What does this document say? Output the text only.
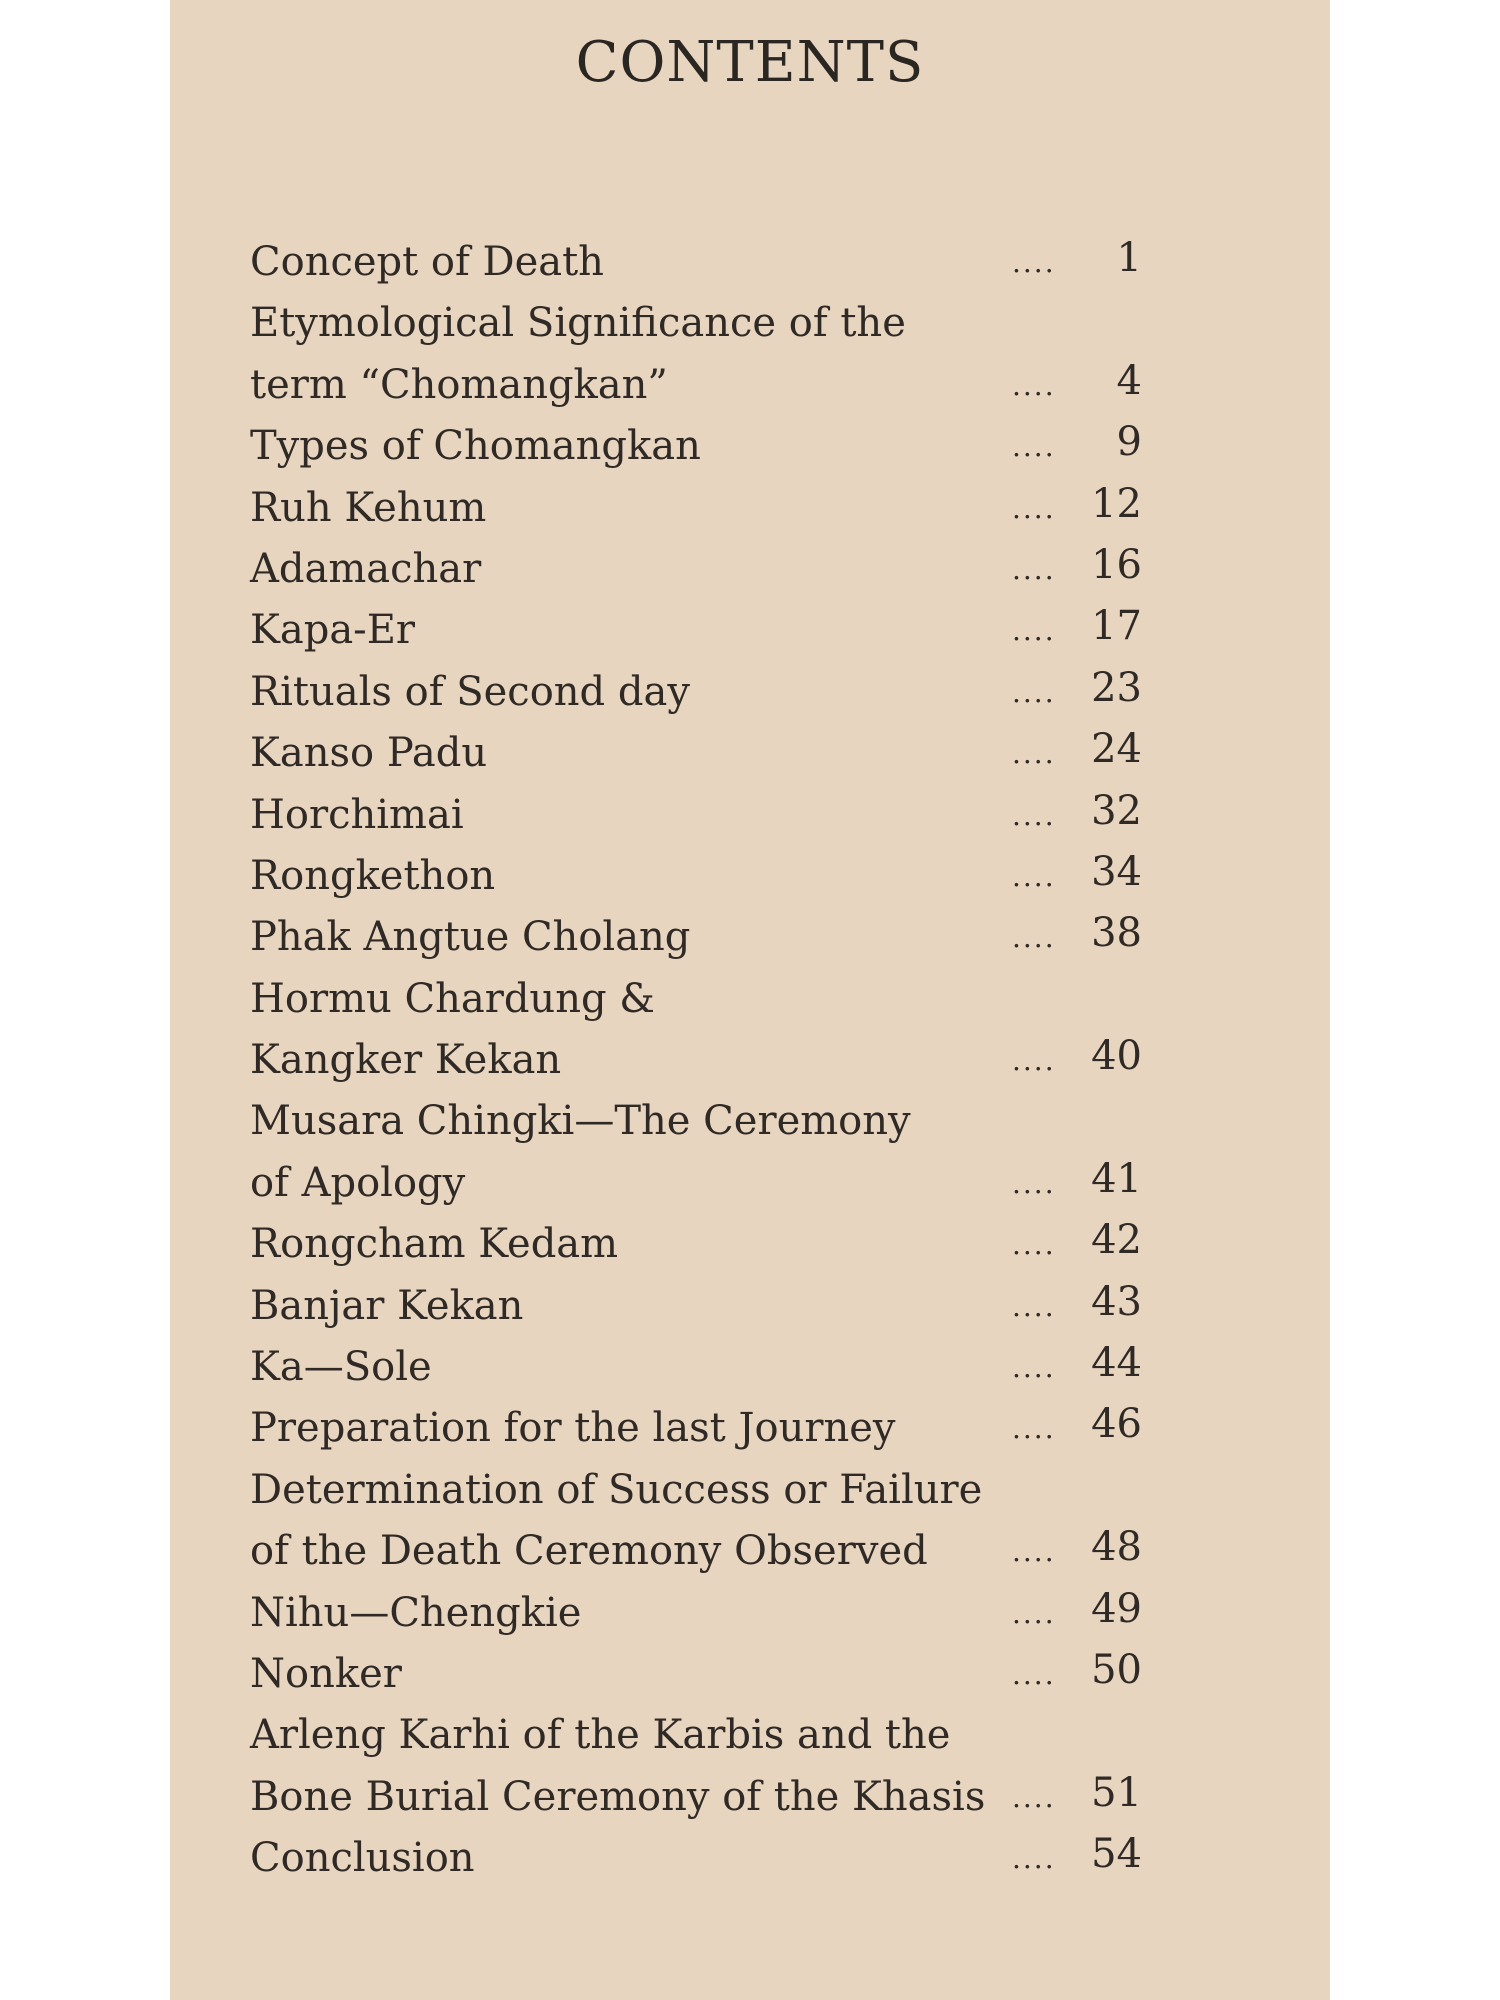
CONTENTS
Concept of Death	....	1
Etymological Significance of the
term “Chomangkan”	....	4
Types of Chomangkan	....	9
Ruh Kehum	.... 12
Adamachar	.... 16
Kapa-Er	.... 17
Rituals of Second day	.... 23
Kanso Padu	.... 24
Horchimai	.... 32
Rongkethon	.... 34
Phak Angtue Cholang	.... 38
Hormu Chardung &
Kangker Kekan	.... 40
Musara Chingki—The Ceremony
of Apology	.... 41
Rongcham Kedam	.... 42
Banjar Kekan	.... 43
Ka—Sole	.... 44
Preparation for the last Journey	.... 46
Determination of Success or Failure
of the Death Ceremony Observed	.... 48
Nihu—Chengkie	.... 49
Nonker	.... 50
Arleng Karhi of the Karbis and the
Bone Burial Ceremony of the Khasis .... 51
Conclusion	.... 54
